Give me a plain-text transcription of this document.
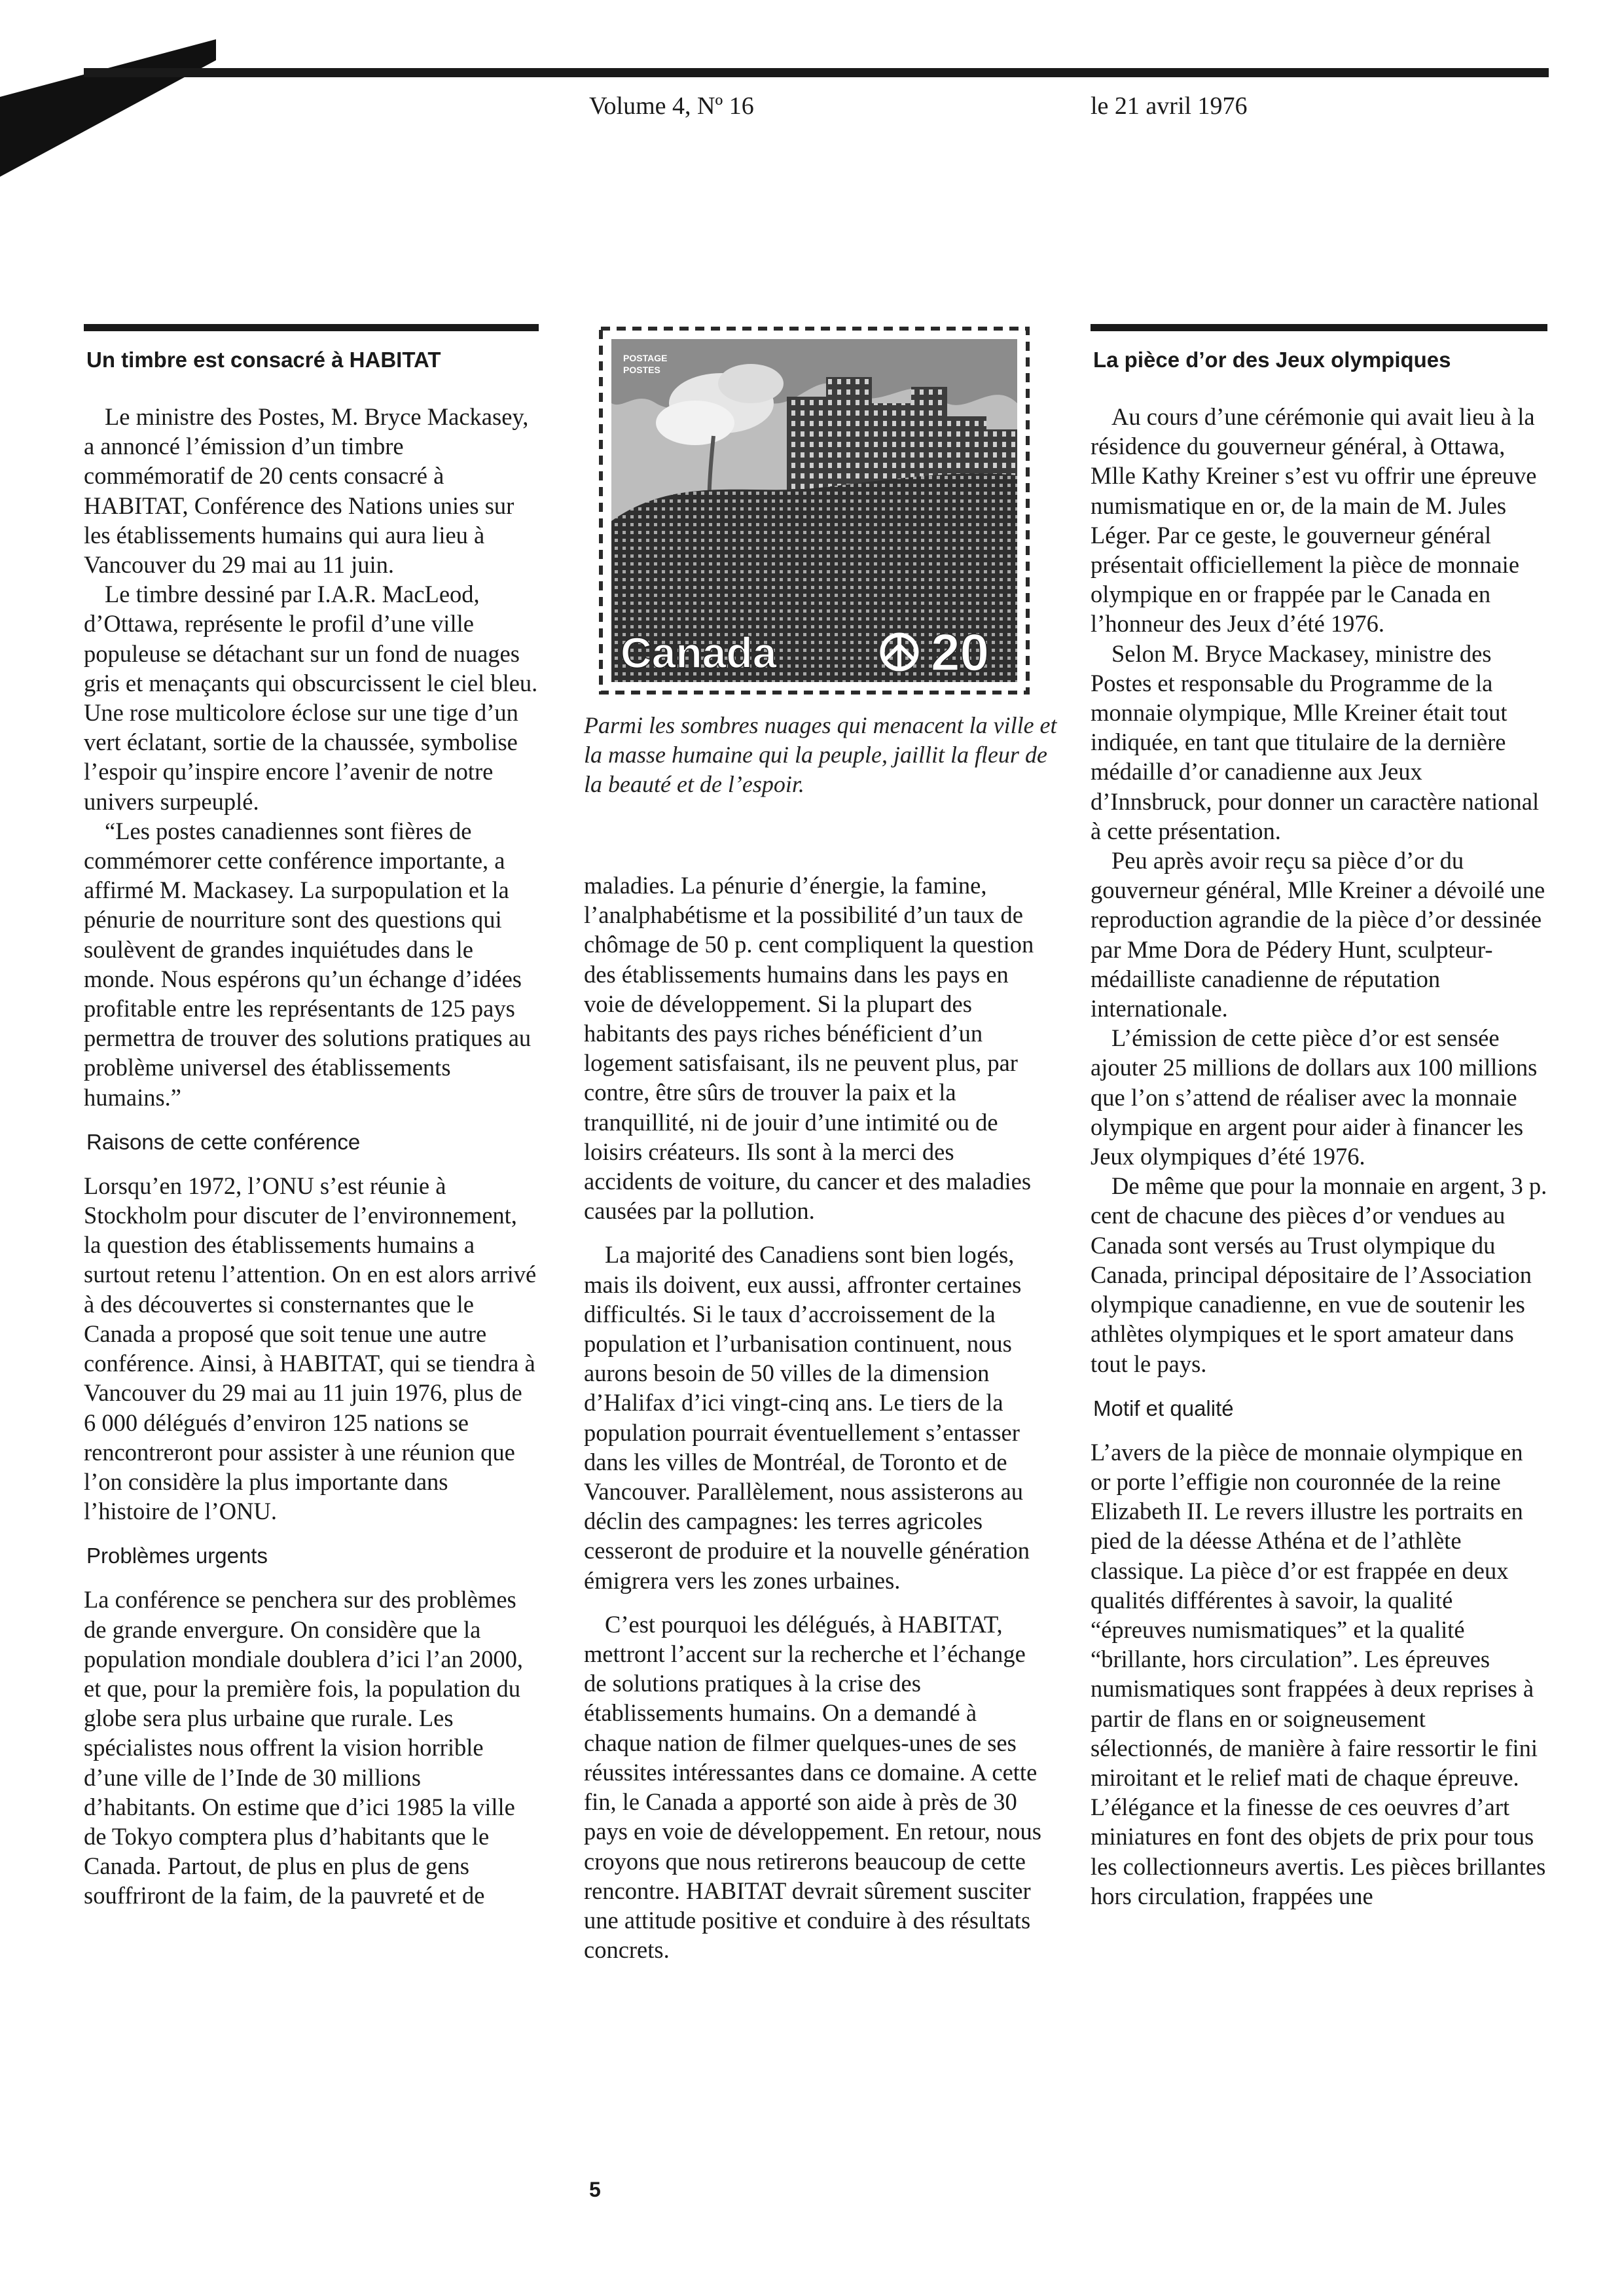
Volume 4, Nº 16	le 21 avril 1976
Un timbre est consacré à HABITAT

Le ministre des Postes, M. Bryce Mackasey, a annoncé l’émission d’un timbre commémoratif de 20 cents consacré à HABITAT, Conférence des Nations unies sur les établissements humains qui aura lieu à Vancouver du 29 mai au 11 juin.

Le timbre dessiné par I.A.R. MacLeod, d’Ottawa, représente le profil d’une ville populeuse se détachant sur un fond de nuages gris et menaçants qui obscurcissent le ciel bleu. Une rose multicolore éclose sur une tige d’un vert éclatant, sortie de la chaussée, symbolise l’espoir qu’inspire encore l’avenir de notre univers surpeuplé.

“Les postes canadiennes sont fières de commémorer cette conférence importante, a affirmé M. Mackasey. La surpopulation et la pénurie de nourriture sont des questions qui soulèvent de grandes inquiétudes dans le monde. Nous espérons qu’un échange d’idées profitable entre les représentants de 125 pays permettra de trouver des solutions pratiques au problème universel des établissements humains.”

Raisons de cette conférence

Lorsqu’en 1972, l’ONU s’est réunie à Stockholm pour discuter de l’environnement, la question des établissements humains a surtout retenu l’attention. On en est alors arrivé à des découvertes si consternantes que le Canada a proposé que soit tenue une autre conférence. Ainsi, à HABITAT, qui se tiendra à Vancouver du 29 mai au 11 juin 1976, plus de 6 000 délégués d’environ 125 nations se rencontreront pour assister à une réunion que l’on considère la plus importante dans l’histoire de l’ONU.

Problèmes urgents

La conférence se penchera sur des problèmes de grande envergure. On considère que la population mondiale doublera d’ici l’an 2000, et que, pour la première fois, la population du globe sera plus urbaine que rurale. Les spécialistes nous offrent la vision horrible d’une ville de l’Inde de 30 millions d’habitants. On estime que d’ici 1985 la ville de Tokyo comptera plus d’habitants que le Canada. Partout, de plus en plus de gens souffriront de la faim, de la pauvreté et de

POSTAGE
POSTES
Canada	20
Parmi les sombres nuages qui menacent la ville et la masse humaine qui la peuple, jaillit la fleur de la beauté et de l’espoir.

maladies. La pénurie d’énergie, la famine, l’analphabétisme et la possibilité d’un taux de chômage de 50 p. cent compliquent la question des établissements humains dans les pays en voie de développement. Si la plupart des habitants des pays riches bénéficient d’un logement satisfaisant, ils ne peuvent plus, par contre, être sûrs de trouver la paix et la tranquillité, ni de jouir d’une intimité ou de loisirs créateurs. Ils sont à la merci des accidents de voiture, du cancer et des maladies causées par la pollution.

La majorité des Canadiens sont bien logés, mais ils doivent, eux aussi, affronter certaines difficultés. Si le taux d’accroissement de la population et l’urbanisation continuent, nous aurons besoin de 50 villes de la dimension d’Halifax d’ici vingt-cinq ans. Le tiers de la population pourrait éventuellement s’entasser dans les villes de Montréal, de Toronto et de Vancouver. Parallèlement, nous assisterons au déclin des campagnes: les terres agricoles cesseront de produire et la nouvelle génération émigrera vers les zones urbaines.

C’est pourquoi les délégués, à HABITAT, mettront l’accent sur la recherche et l’échange de solutions pratiques à la crise des établissements humains. On a demandé à chaque nation de filmer quelques-unes de ses réussites intéressantes dans ce domaine. A cette fin, le Canada a apporté son aide à près de 30 pays en voie de développement. En retour, nous croyons que nous retirerons beaucoup de cette rencontre. HABITAT devrait sûrement susciter une attitude positive et conduire à des résultats concrets.

La pièce d’or des Jeux olympiques

Au cours d’une cérémonie qui avait lieu à la résidence du gouverneur général, à Ottawa, Mlle Kathy Kreiner s’est vu offrir une épreuve numismatique en or, de la main de M. Jules Léger. Par ce geste, le gouverneur général présentait officiellement la pièce de monnaie olympique en or frappée par le Canada en l’honneur des Jeux d’été 1976.

Selon M. Bryce Mackasey, ministre des Postes et responsable du Programme de la monnaie olympique, Mlle Kreiner était tout indiquée, en tant que titulaire de la dernière médaille d’or canadienne aux Jeux d’Innsbruck, pour donner un caractère national à cette présentation.

Peu après avoir reçu sa pièce d’or du gouverneur général, Mlle Kreiner a dévoilé une reproduction agrandie de la pièce d’or dessinée par Mme Dora de Pédery Hunt, sculpteur-médailliste canadienne de réputation internationale.

L’émission de cette pièce d’or est sensée ajouter 25 millions de dollars aux 100 millions que l’on s’attend de réaliser avec la monnaie olympique en argent pour aider à financer les Jeux olympiques d’été 1976.

De même que pour la monnaie en argent, 3 p. cent de chacune des pièces d’or vendues au Canada sont versés au Trust olympique du Canada, principal dépositaire de l’Association olympique canadienne, en vue de soutenir les athlètes olympiques et le sport amateur dans tout le pays.

Motif et qualité

L’avers de la pièce de monnaie olympique en or porte l’effigie non couronnée de la reine Elizabeth II. Le revers illustre les portraits en pied de la déesse Athéna et de l’athlète classique. La pièce d’or est frappée en deux qualités différentes à savoir, la qualité “épreuves numismatiques” et la qualité “brillante, hors circulation”. Les épreuves numismatiques sont frappées à deux reprises à partir de flans en or soigneusement sélectionnés, de manière à faire ressortir le fini miroitant et le relief mati de chaque épreuve. L’élégance et la finesse de ces oeuvres d’art miniatures en font des objets de prix pour tous les collectionneurs avertis. Les pièces brillantes hors circulation, frappées une

5
